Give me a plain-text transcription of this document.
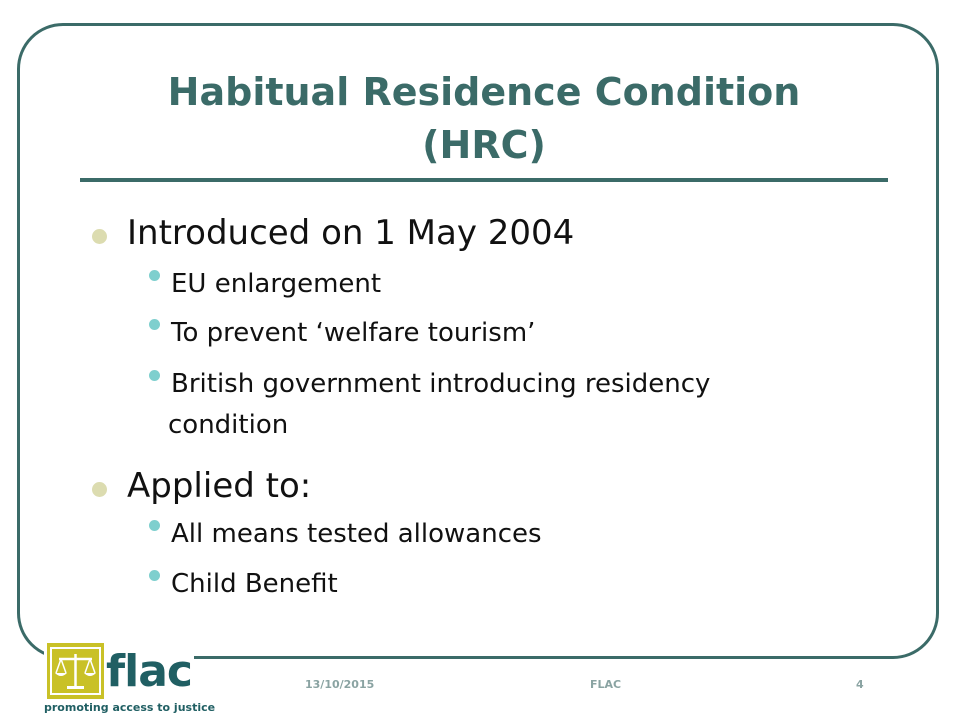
Habitual Residence Condition
(HRC)
Introduced on 1 May 2004
EU enlargement
To prevent ‘welfare tourism’
British government introducing residency
condition
Applied to:
All means tested allowances
Child Benefit
13/10/2015	FLAC	4
flac
promoting access to justice
